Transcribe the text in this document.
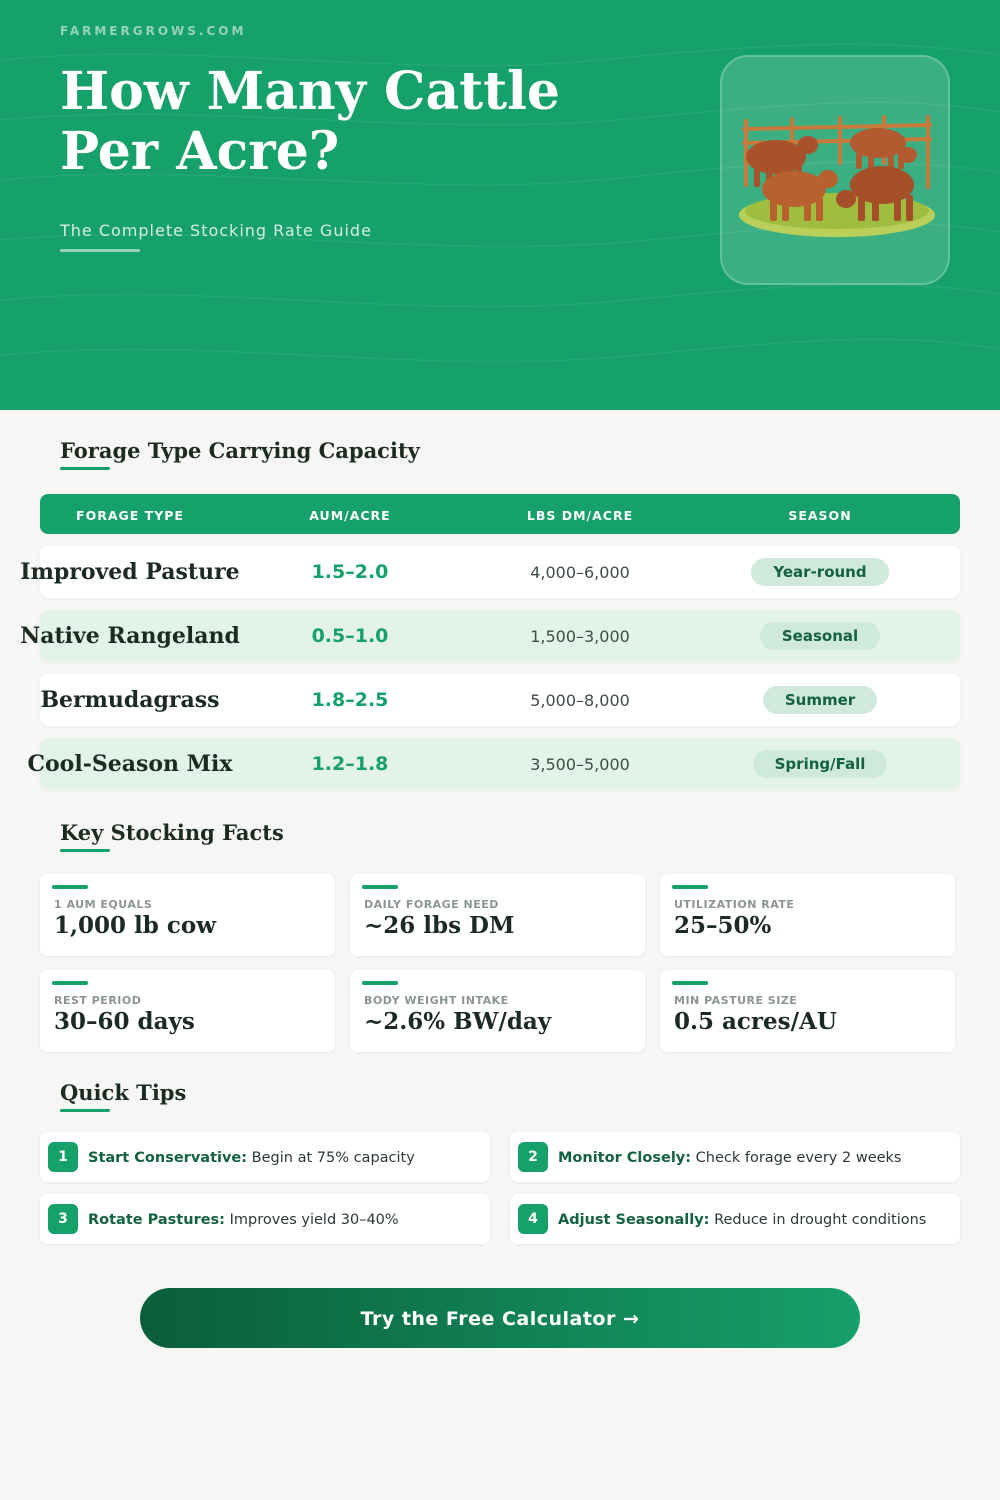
FARMERGROWS.COM
How Many Cattle
Per Acre?
The Complete Stocking Rate Guide
Forage Type Carrying Capacity
FORAGE TYPE	AUM/ACRE	LBS DM/ACRE	SEASON
Improved Pasture	1.5–2.0	4,000–6,000	Year-round
Native Rangeland	0.5–1.0	1,500–3,000	Seasonal
Bermudagrass	1.8–2.5	5,000–8,000	Summer
Cool-Season Mix	1.2–1.8	3,500–5,000	Spring/Fall
Key Stocking Facts
1 AUM EQUALS
1,000 lb cow
DAILY FORAGE NEED
~26 lbs DM
UTILIZATION RATE
25–50%
REST PERIOD
30–60 days
BODY WEIGHT INTAKE
~2.6% BW/day
MIN PASTURE SIZE
0.5 acres/AU
Quick Tips
1	Start Conservative: Begin at 75% capacity	2	Monitor Closely: Check forage every 2 weeks
3	Rotate Pastures: Improves yield 30–40%	4	Adjust Seasonally: Reduce in drought conditions
Try the Free Calculator →
